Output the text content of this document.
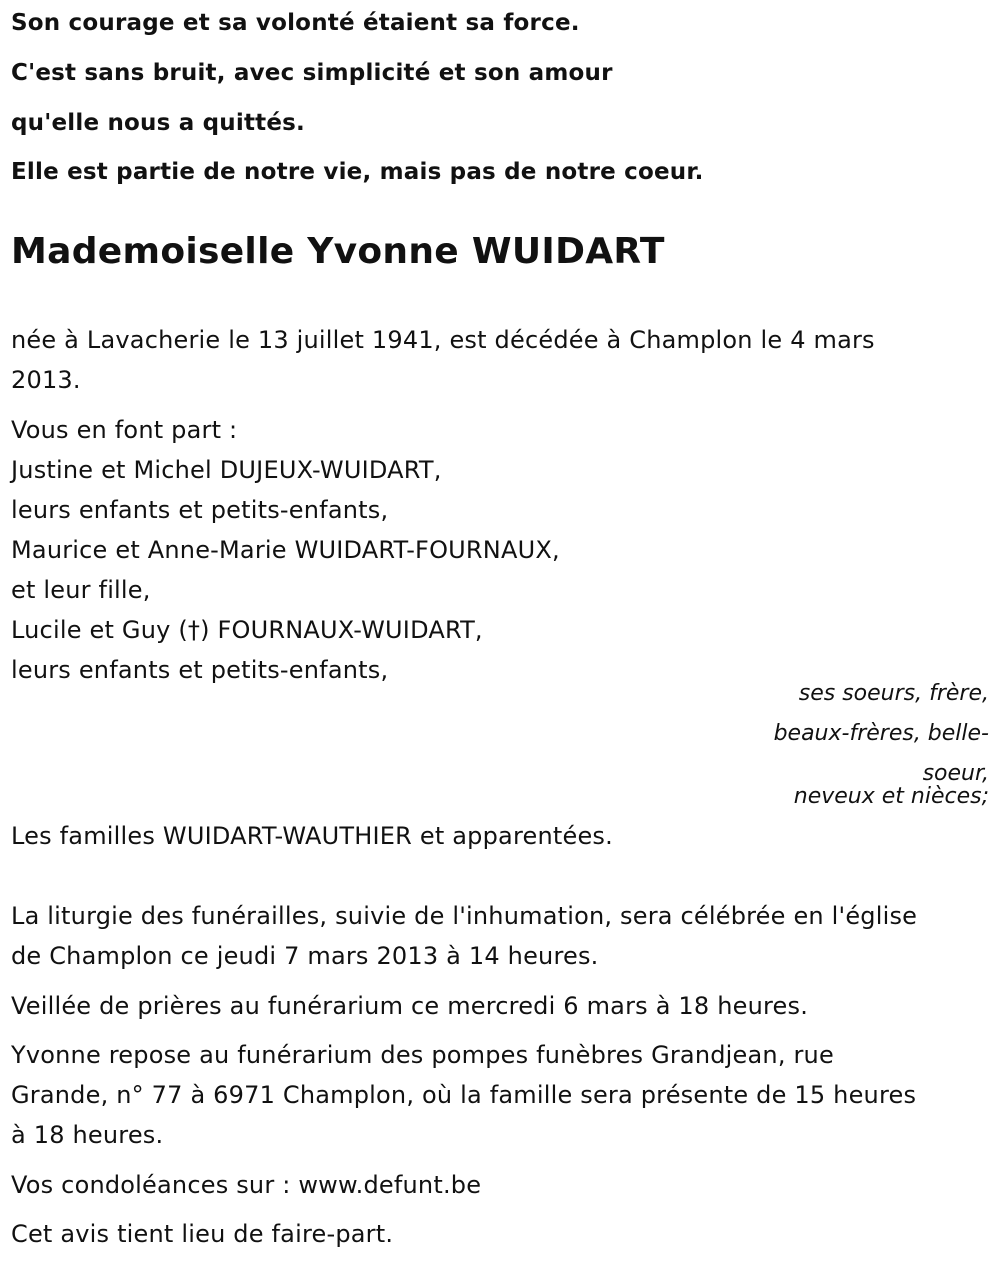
Son courage et sa volonté étaient sa force.

C'est sans bruit, avec simplicité et son amour

qu'elle nous a quittés.

Elle est partie de notre vie, mais pas de notre coeur.

Mademoiselle Yvonne WUIDART

née à Lavacherie le 13 juillet 1941, est décédée à Champlon le 4 mars

2013.

Vous en font part :

Justine et Michel DUJEUX-WUIDART,

leurs enfants et petits-enfants,

Maurice et Anne-Marie WUIDART-FOURNAUX,

et leur fille,

Lucile et Guy (†) FOURNAUX-WUIDART,

leurs enfants et petits-enfants,

ses soeurs, frère,
beaux-frères, belle-
soeur,
neveux et nièces;

Les familles WUIDART-WAUTHIER et apparentées.

La liturgie des funérailles, suivie de l'inhumation, sera célébrée en l'église

de Champlon ce jeudi 7 mars 2013 à 14 heures.

Veillée de prières au funérarium ce mercredi 6 mars à 18 heures.

Yvonne repose au funérarium des pompes funèbres Grandjean, rue

Grande, n° 77 à 6971 Champlon, où la famille sera présente de 15 heures

à 18 heures.

Vos condoléances sur : www.defunt.be

Cet avis tient lieu de faire-part.
